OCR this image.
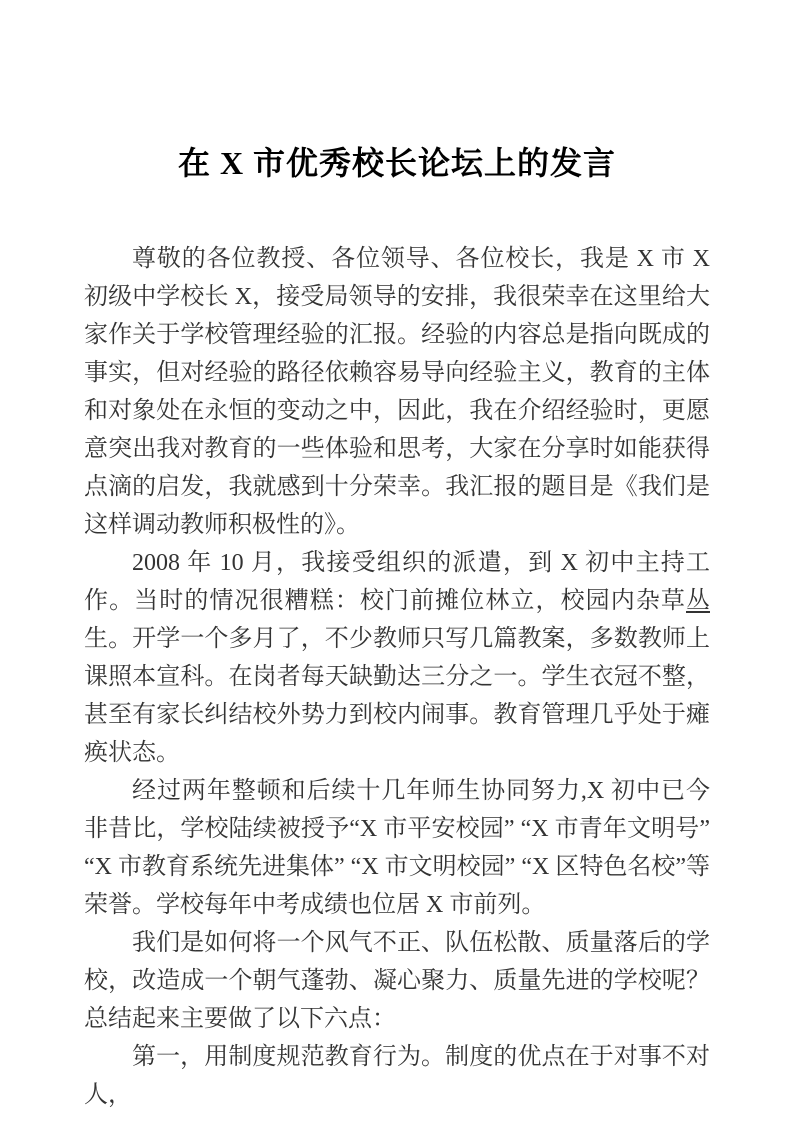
在 X 市优秀校长论坛上的发言

尊敬的各位教授、各位领导、各位校长，我是 X 市 X 初级中学校长 X，接受局领导的安排，我很荣幸在这里给大家作关于学校管理经验的汇报。经验的内容总是指向既成的事实，但对经验的路径依赖容易导向经验主义，教育的主体和对象处在永恒的变动之中，因此，我在介绍经验时，更愿意突出我对教育的一些体验和思考，大家在分享时如能获得点滴的启发，我就感到十分荣幸。我汇报的题目是《我们是这样调动教师积极性的》。

2008 年 10 月，我接受组织的派遣，到 X 初中主持工作。当时的情况很糟糕：校门前摊位林立，校园内杂草丛生。开学一个多月了，不少教师只写几篇教案，多数教师上课照本宣科。在岗者每天缺勤达三分之一。学生衣冠不整，甚至有家长纠结校外势力到校内闹事。教育管理几乎处于瘫痪状态。

经过两年整顿和后续十几年师生协同努力,X 初中已今非昔比，学校陆续被授予“X 市平安校园” “X 市青年文明号” “X 市教育系统先进集体” “X 市文明校园” “X 区特色名校”等荣誉。学校每年中考成绩也位居 X 市前列。

我们是如何将一个风气不正、队伍松散、质量落后的学校，改造成一个朝气蓬勃、凝心聚力、质量先进的学校呢？总结起来主要做了以下六点：

第一，用制度规范教育行为。制度的优点在于对事不对人，
